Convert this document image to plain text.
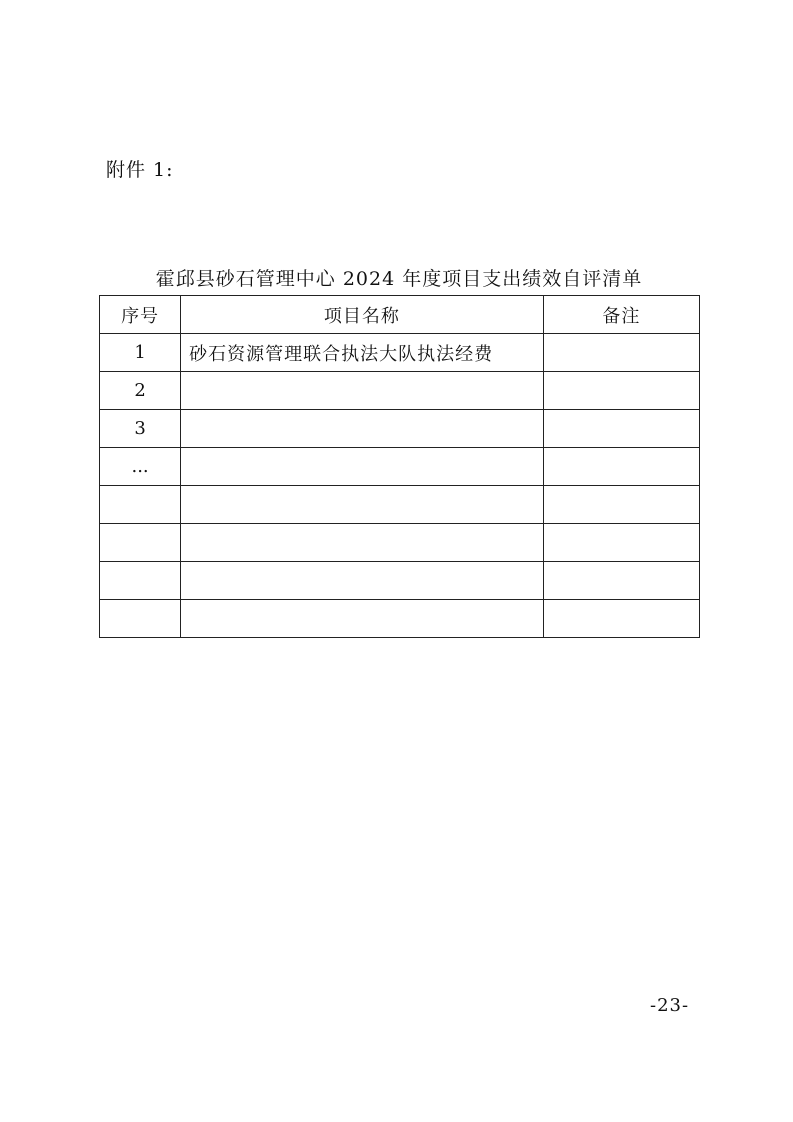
附件 1:
霍邱县砂石管理中心 2024 年度项目支出绩效自评清单
序号	项目名称	备注
1	砂石资源管理联合执法大队执法经费	
2		
3		
...		

-23-
